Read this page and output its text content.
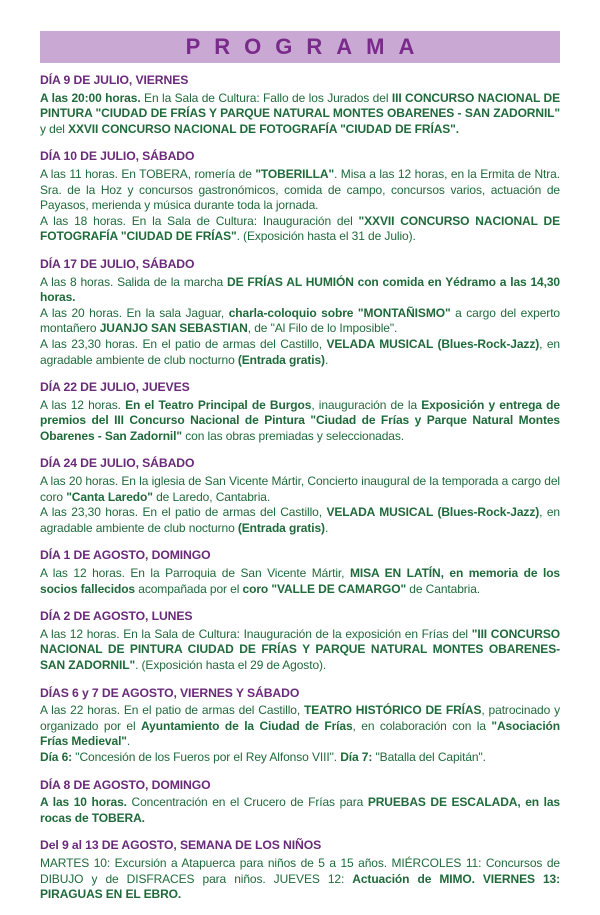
PROGRAMA
DÍA 9 DE JULIO, VIERNES
A las 20:00 horas. En la Sala de Cultura: Fallo de los Jurados del III CONCURSO NACIONAL DE PINTURA "CIUDAD DE FRÍAS Y PARQUE NATURAL MONTES OBARENES - SAN ZADORNIL" y del XXVII CONCURSO NACIONAL DE FOTOGRAFÍA "CIUDAD DE FRÍAS".
DÍA 10 DE JULIO, SÁBADO
A las 11 horas. En TOBERA, romería de "TOBERILLA". Misa a las 12 horas, en la Ermita de Ntra. Sra. de la Hoz y concursos gastronómicos, comida de campo, concursos varios, actuación de Payasos, merienda y música durante toda la jornada.
A las 18 horas. En la Sala de Cultura: Inauguración del "XXVII CONCURSO NACIONAL DE FOTOGRAFÍA "CIUDAD DE FRÍAS". (Exposición hasta el 31 de Julio).
DÍA 17 DE JULIO, SÁBADO
A las 8 horas. Salida de la marcha DE FRÍAS AL HUMIÓN con comida en Yédramo a las 14,30 horas.
A las 20 horas. En la sala Jaguar, charla-coloquio sobre "MONTAÑISMO" a cargo del experto montañero JUANJO SAN SEBASTIAN, de "Al Filo de lo Imposible".
A las 23,30 horas. En el patio de armas del Castillo, VELADA MUSICAL (Blues-Rock-Jazz), en agradable ambiente de club nocturno (Entrada gratis).
DÍA 22 DE JULIO, JUEVES
A las 12 horas. En el Teatro Principal de Burgos, inauguración de la Exposición y entrega de premios del III Concurso Nacional de Pintura "Ciudad de Frías y Parque Natural Montes Obarenes - San Zadornil" con las obras premiadas y seleccionadas.
DÍA 24 DE JULIO, SÁBADO
A las 20 horas. En la iglesia de San Vicente Mártir, Concierto inaugural de la temporada a cargo del coro "Canta Laredo" de Laredo, Cantabria.
A las 23,30 horas. En el patio de armas del Castillo, VELADA MUSICAL (Blues-Rock-Jazz), en agradable ambiente de club nocturno (Entrada gratis).
DÍA 1 DE AGOSTO, DOMINGO
A las 12 horas. En la Parroquia de San Vicente Mártir, MISA EN LATÍN, en memoria de los socios fallecidos acompañada por el coro "VALLE DE CAMARGO" de Cantabria.
DÍA 2 DE AGOSTO, LUNES
A las 12 horas. En la Sala de Cultura: Inauguración de la exposición en Frías del "III CONCURSO NACIONAL DE PINTURA CIUDAD DE FRÍAS Y PARQUE NATURAL MONTES OBARENES-SAN ZADORNIL". (Exposición hasta el 29 de Agosto).
DÍAS 6 y 7 DE AGOSTO, VIERNES Y SÁBADO
A las 22 horas. En el patio de armas del Castillo, TEATRO HISTÓRICO DE FRÍAS, patrocinado y organizado por el Ayuntamiento de la Ciudad de Frías, en colaboración con la "Asociación Frías Medieval".
Día 6: "Concesión de los Fueros por el Rey Alfonso VIII". Día 7: "Batalla del Capitán".
DÍA 8 DE AGOSTO, DOMINGO
A las 10 horas. Concentración en el Crucero de Frías para PRUEBAS DE ESCALADA, en las rocas de TOBERA.
Del 9 al 13 DE AGOSTO, SEMANA DE LOS NIÑOS
MARTES 10: Excursión a Atapuerca para niños de 5 a 15 años. MIÉRCOLES 11: Concursos de DIBUJO y de DISFRACES para niños. JUEVES 12: Actuación de MIMO. VIERNES 13: PIRAGUAS EN EL EBRO.
